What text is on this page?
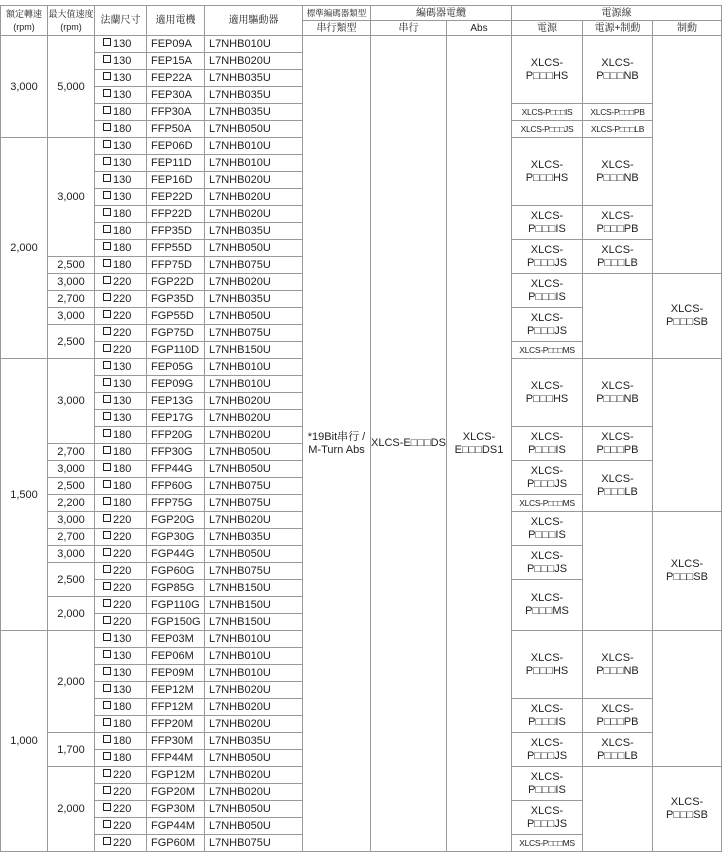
額定轉速
(rpm)	最大值速度
(rpm)	法蘭尺寸	適用電機	適用驅動器	標準編碼器類型	編碼器電纜		電源線		
					串行類型	串行	Abs	電源	電源+制動	制動
3,000	5,000	130	FEP09A	L7NHB010U	*19Bit串行 / M-Turn Abs	XLCS-E□□□DS	XLCS-E□□□DS1	XLCS-P□□□HS	XLCS-P□□□NB	
		130	FEP15A	L7NHB020U						
		130	FEP22A	L7NHB035U						
		130	FEP30A	L7NHB035U						
		180	FFP30A	L7NHB035U				XLCS-P□□□IS	XLCS-P□□□PB	
		180	FFP50A	L7NHB050U				XLCS-P□□□JS	XLCS-P□□□LB	
2,000	3,000	130	FEP06D	L7NHB010U				XLCS-P□□□HS	XLCS-P□□□NB	
		130	FEP11D	L7NHB010U						
		130	FEP16D	L7NHB020U						
		130	FEP22D	L7NHB020U						
		180	FFP22D	L7NHB020U				XLCS-P□□□IS	XLCS-P□□□PB	
		180	FFP35D	L7NHB035U						
		180	FFP55D	L7NHB050U				XLCS-P□□□JS	XLCS-P□□□LB	
	2,500	180	FFP75D	L7NHB075U						
	3,000	220	FGP22D	L7NHB020U				XLCS-P□□□IS		XLCS-P□□□SB
	2,700	220	FGP35D	L7NHB035U						
	3,000	220	FGP55D	L7NHB050U				XLCS-P□□□JS		
	2,500	220	FGP75D	L7NHB075U						
		220	FGP110D	L7NHB150U				XLCS-P□□□MS		
1,500	3,000	130	FEP05G	L7NHB010U				XLCS-P□□□HS	XLCS-P□□□NB	
		130	FEP09G	L7NHB010U						
		130	FEP13G	L7NHB020U						
		130	FEP17G	L7NHB020U						
		180	FFP20G	L7NHB020U				XLCS-P□□□IS	XLCS-P□□□PB	
	2,700	180	FFP30G	L7NHB050U						
	3,000	180	FFP44G	L7NHB050U				XLCS-P□□□JS	XLCS-P□□□LB	
	2,500	180	FFP60G	L7NHB075U						
	2,200	180	FFP75G	L7NHB075U				XLCS-P□□□MS		
	3,000	220	FGP20G	L7NHB020U				XLCS-P□□□IS		XLCS-P□□□SB
	2,700	220	FGP30G	L7NHB035U						
	3,000	220	FGP44G	L7NHB050U				XLCS-P□□□JS		
	2,500	220	FGP60G	L7NHB075U						
		220	FGP85G	L7NHB150U				XLCS-P□□□MS		
	2,000	220	FGP110G	L7NHB150U						
		220	FGP150G	L7NHB150U						
1,000	2,000	130	FEP03M	L7NHB010U				XLCS-P□□□HS	XLCS-P□□□NB	
		130	FEP06M	L7NHB010U						
		130	FEP09M	L7NHB010U						
		130	FEP12M	L7NHB020U						
		180	FFP12M	L7NHB020U				XLCS-P□□□IS	XLCS-P□□□PB	
		180	FFP20M	L7NHB020U						
	1,700	180	FFP30M	L7NHB035U				XLCS-P□□□JS	XLCS-P□□□LB	
		180	FFP44M	L7NHB050U						
	2,000	220	FGP12M	L7NHB020U				XLCS-P□□□IS		XLCS-P□□□SB
		220	FGP20M	L7NHB020U						
		220	FGP30M	L7NHB050U				XLCS-P□□□JS		
		220	FGP44M	L7NHB050U						
		220	FGP60M	L7NHB075U				XLCS-P□□□MS		
